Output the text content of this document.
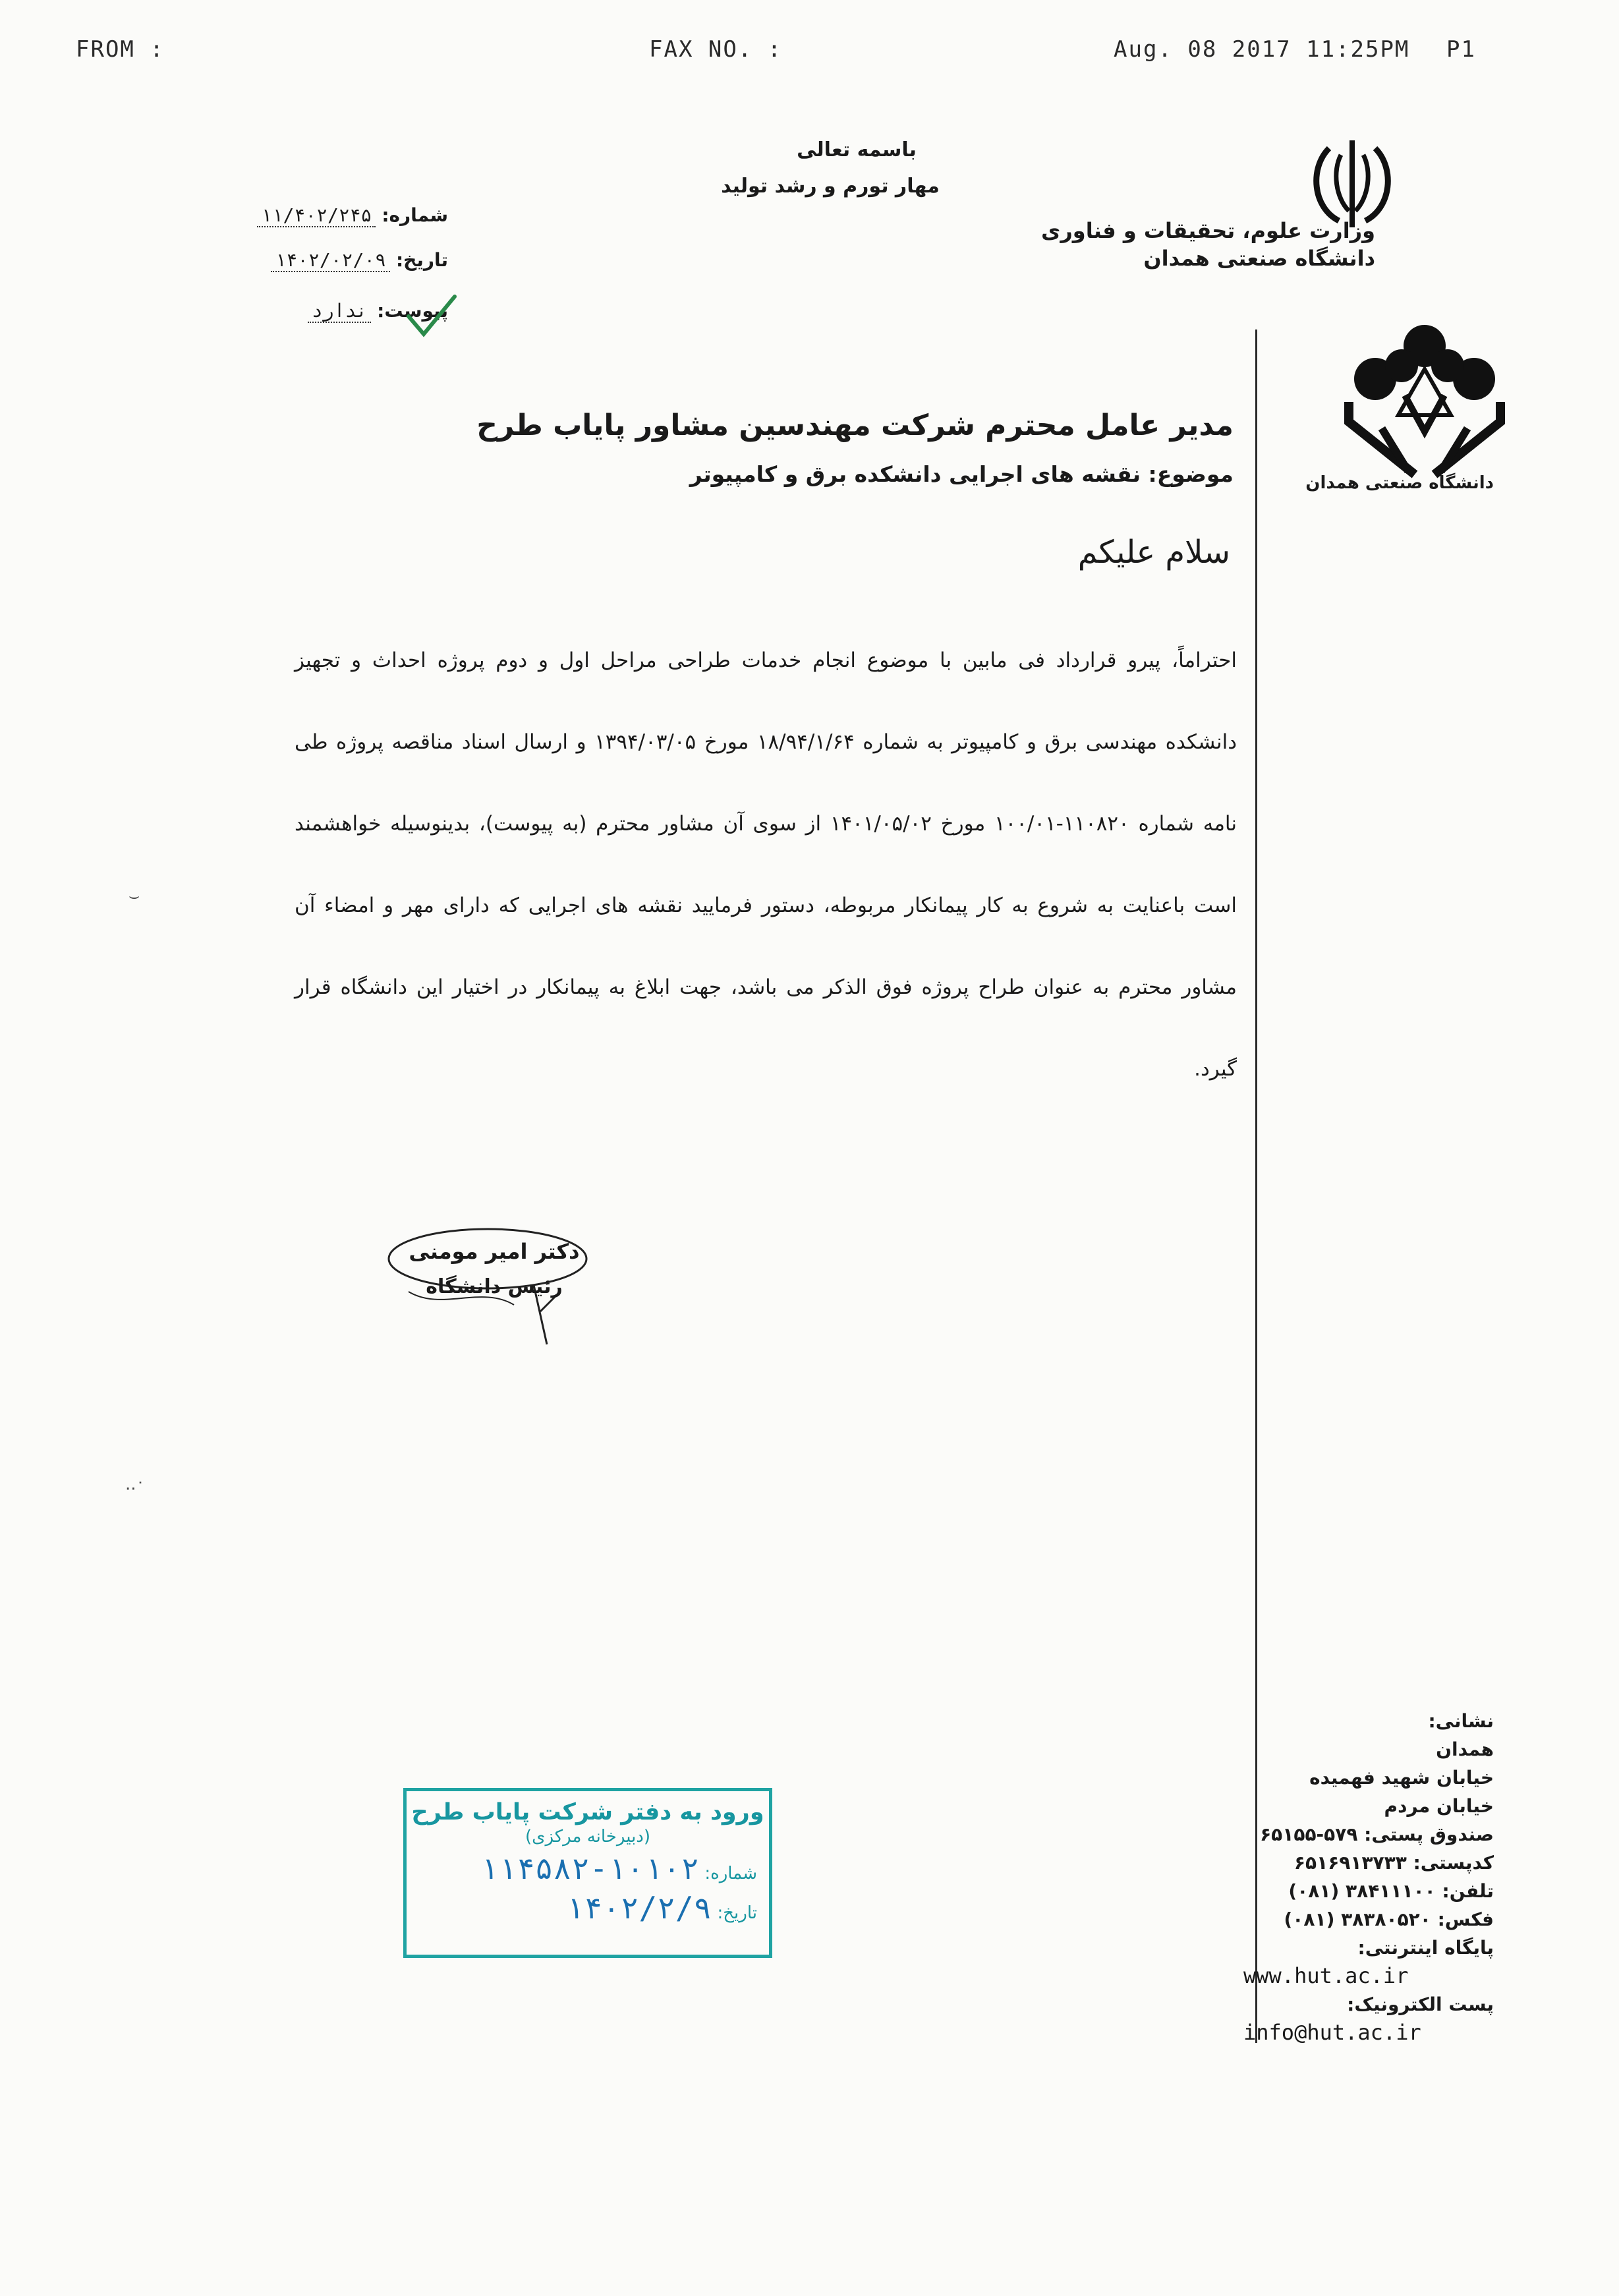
FROM :	FAX NO. :	Aug. 08 2017 11:25PM P1
وزارت علوم، تحقیقات و فناوری
دانشگاه صنعتی همدان
دانشگاه صنعتی همدان
باسمه تعالی
مهار تورم و رشد تولید
شماره: ۱۱/۴۰۲/۲۴۵
تاریخ: ۱۴۰۲/۰۲/۰۹
پیوست: ندارد
مدیر عامل محترم شرکت مهندسین مشاور پایاب طرح
موضوع: نقشه های اجرایی دانشکده برق و کامپیوتر
سلام علیکم
احتراماً، پیرو قرارداد فی مابین با موضوع انجام خدمات طراحی مراحل اول و دوم پروژه احداث و تجهیز دانشکده مهندسی برق و کامپیوتر به شماره ۱۸/۹۴/۱/۶۴ مورخ ۱۳۹۴/۰۳/۰۵ و ارسال اسناد مناقصه پروژه طی نامه شماره ۱۱۰۸۲۰-۱۰۰/۰۱ مورخ ۱۴۰۱/۰۵/۰۲ از سوی آن مشاور محترم (به پیوست)، بدینوسیله خواهشمند است باعنایت به شروع به کار پیمانکار مربوطه، دستور فرمایید نقشه های اجرایی که دارای مهر و امضاء آن مشاور محترم به عنوان طراح پروژه فوق الذکر می باشد، جهت ابلاغ به پیمانکار در اختیار این دانشگاه قرار گیرد.
دکتر امیر مومنی
رئیس دانشگاه
⌣
··˙
نشانی:
همدان
خیابان شهید فهمیده
خیابان مردم
صندوق پستی: ۵۷۹-۶۵۱۵۵
کدپستی: ۶۵۱۶۹۱۳۷۳۳
تلفن: ۳۸۴۱۱۱۰۰ (۰۸۱)
فکس: ۳۸۳۸۰۵۲۰ (۰۸۱)
پایگاه اینترنتی:
www.hut.ac.ir
پست الکترونیک:
info@hut.ac.ir
ورود به دفتر شرکت پایاب طرح
(دبیرخانه مرکزی)
شماره: ۱۰۱۰۲-۱۱۴۵۸۲
تاریخ: ۱۴۰۲/۲/۹
